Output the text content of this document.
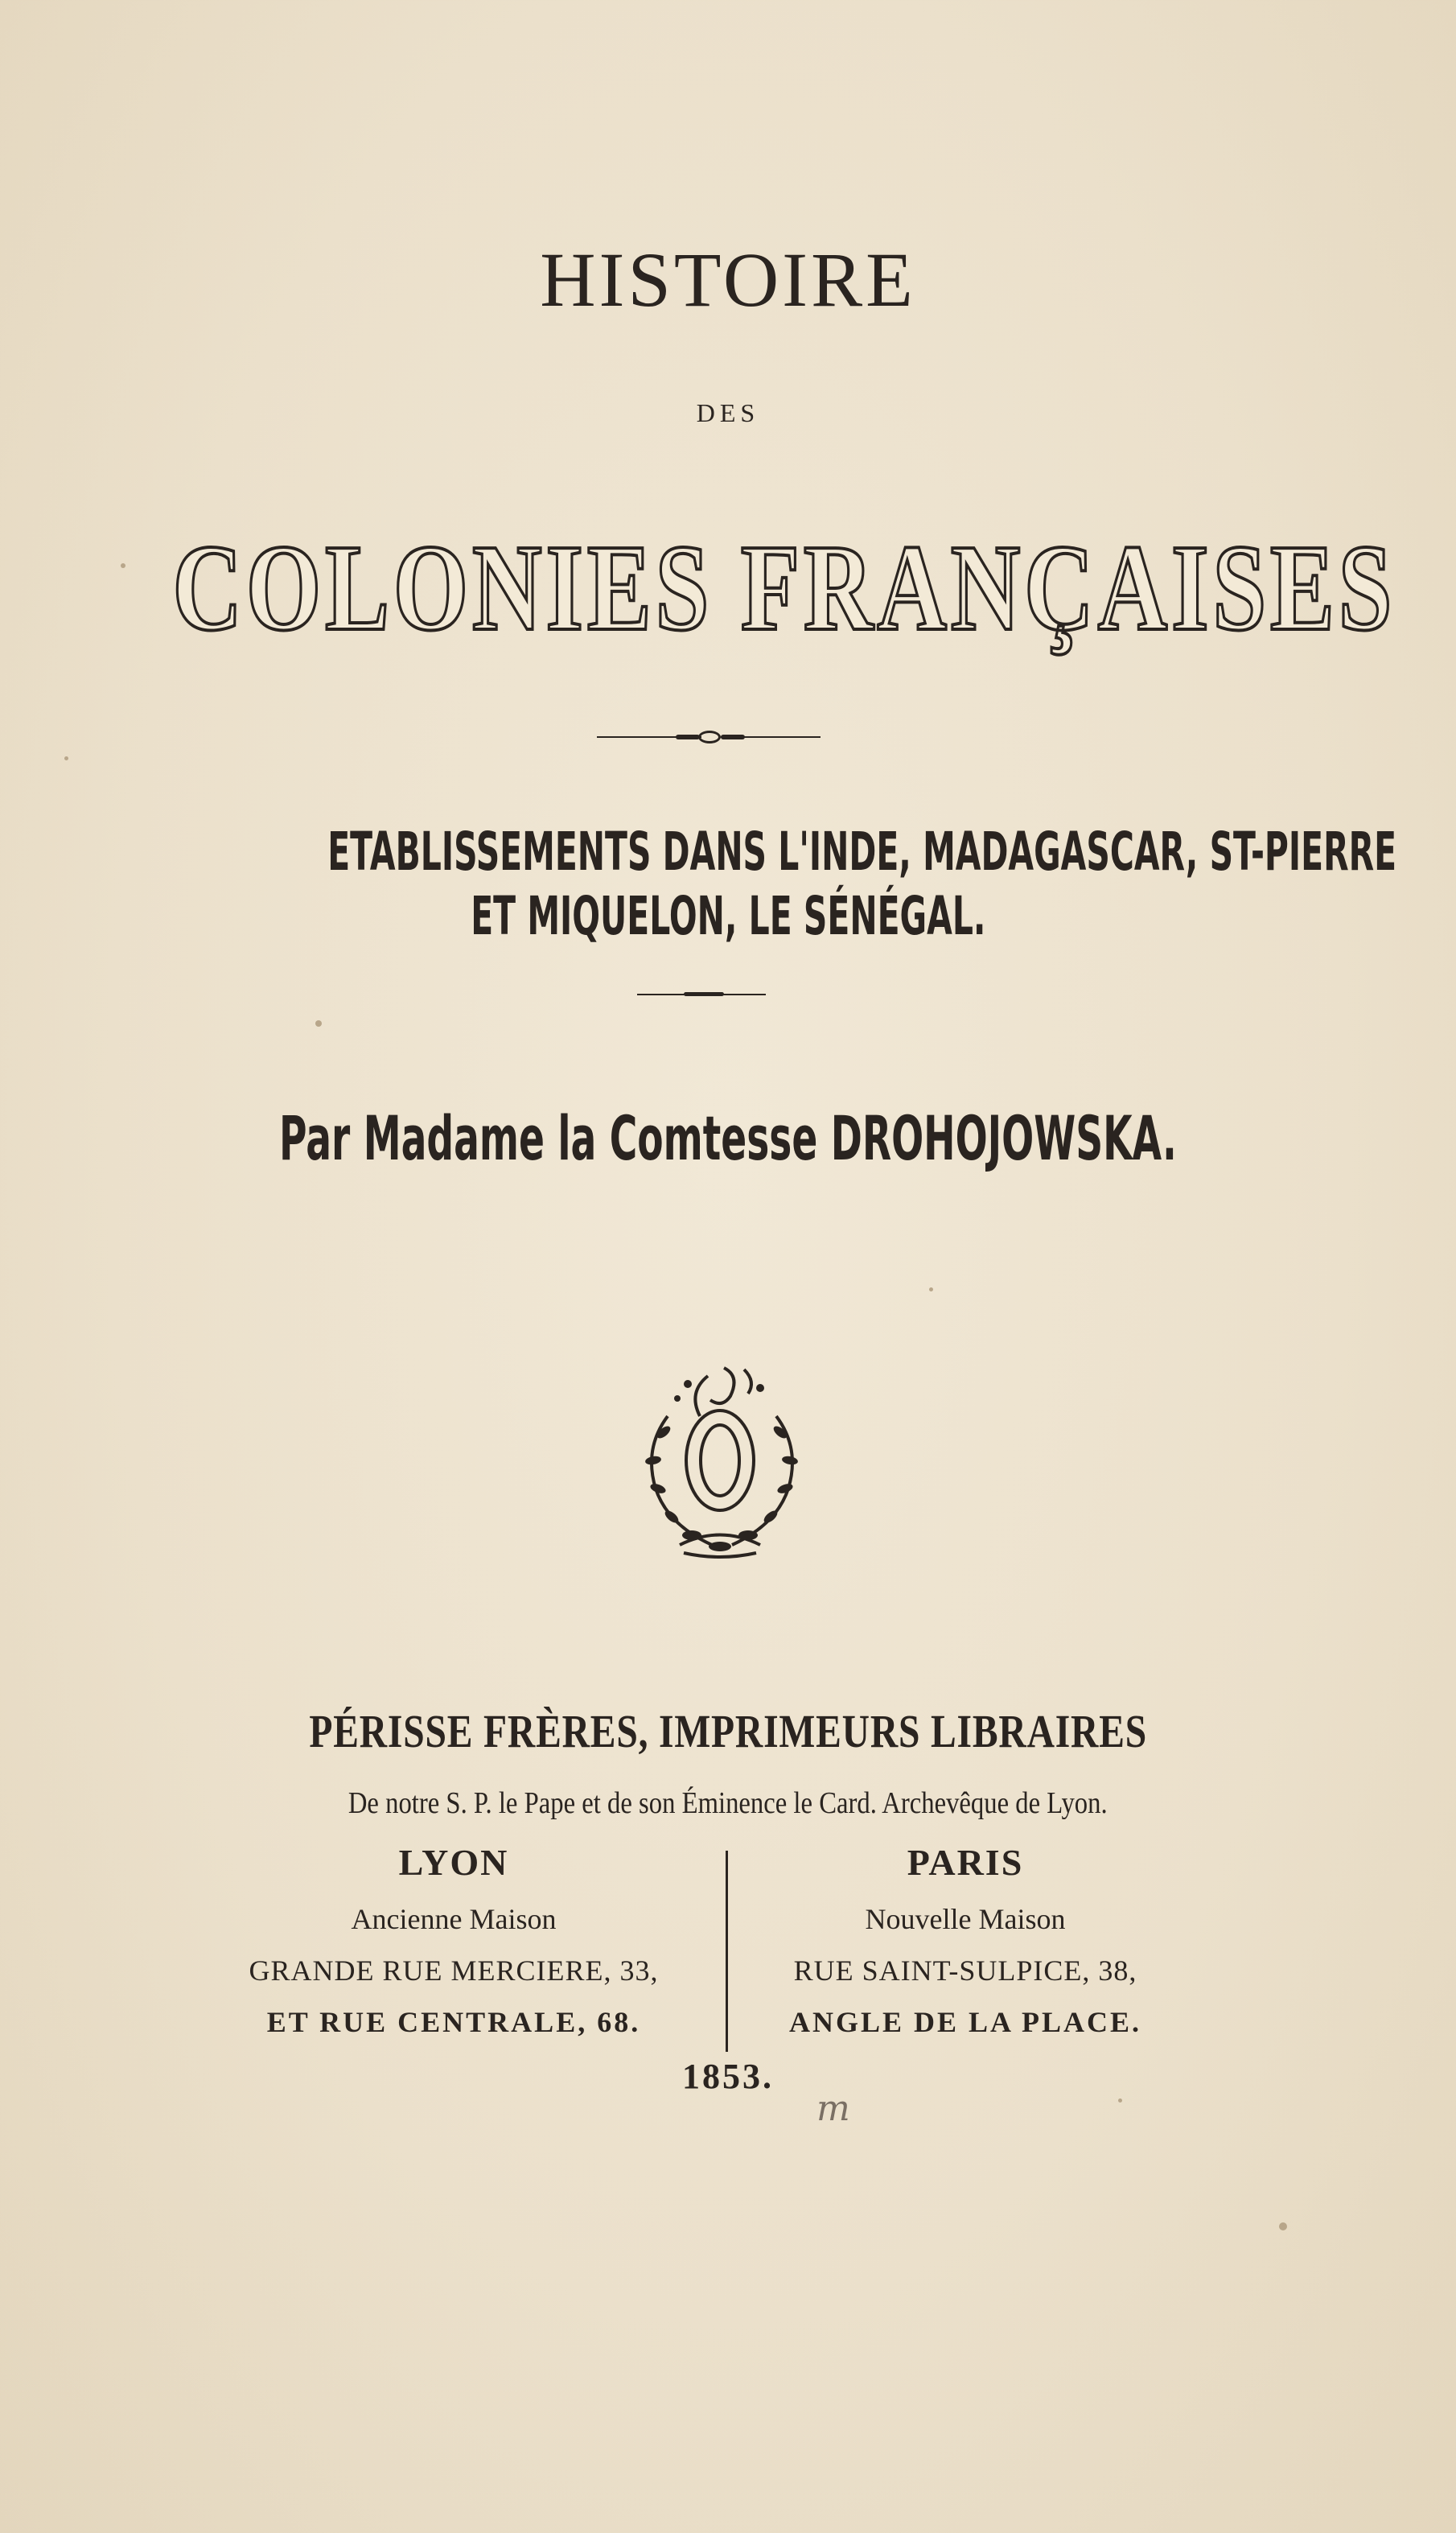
HISTOIRE
DES
COLONIES FRANÇAISES
ETABLISSEMENTS DANS L'INDE, MADAGASCAR, ST-PIERRE
ET MIQUELON, LE SÉNÉGAL.
Par Madame la Comtesse DROHOJOWSKA.
PÉRISSE FRÈRES, IMPRIMEURS LIBRAIRES
De notre S. P. le Pape et de son Éminence le Card. Archevêque de Lyon.
LYON
Ancienne Maison
GRANDE RUE MERCIERE, 33,
ET RUE CENTRALE, 68.
PARIS
Nouvelle Maison
RUE SAINT-SULPICE, 38,
ANGLE DE LA PLACE.
1853.
m
